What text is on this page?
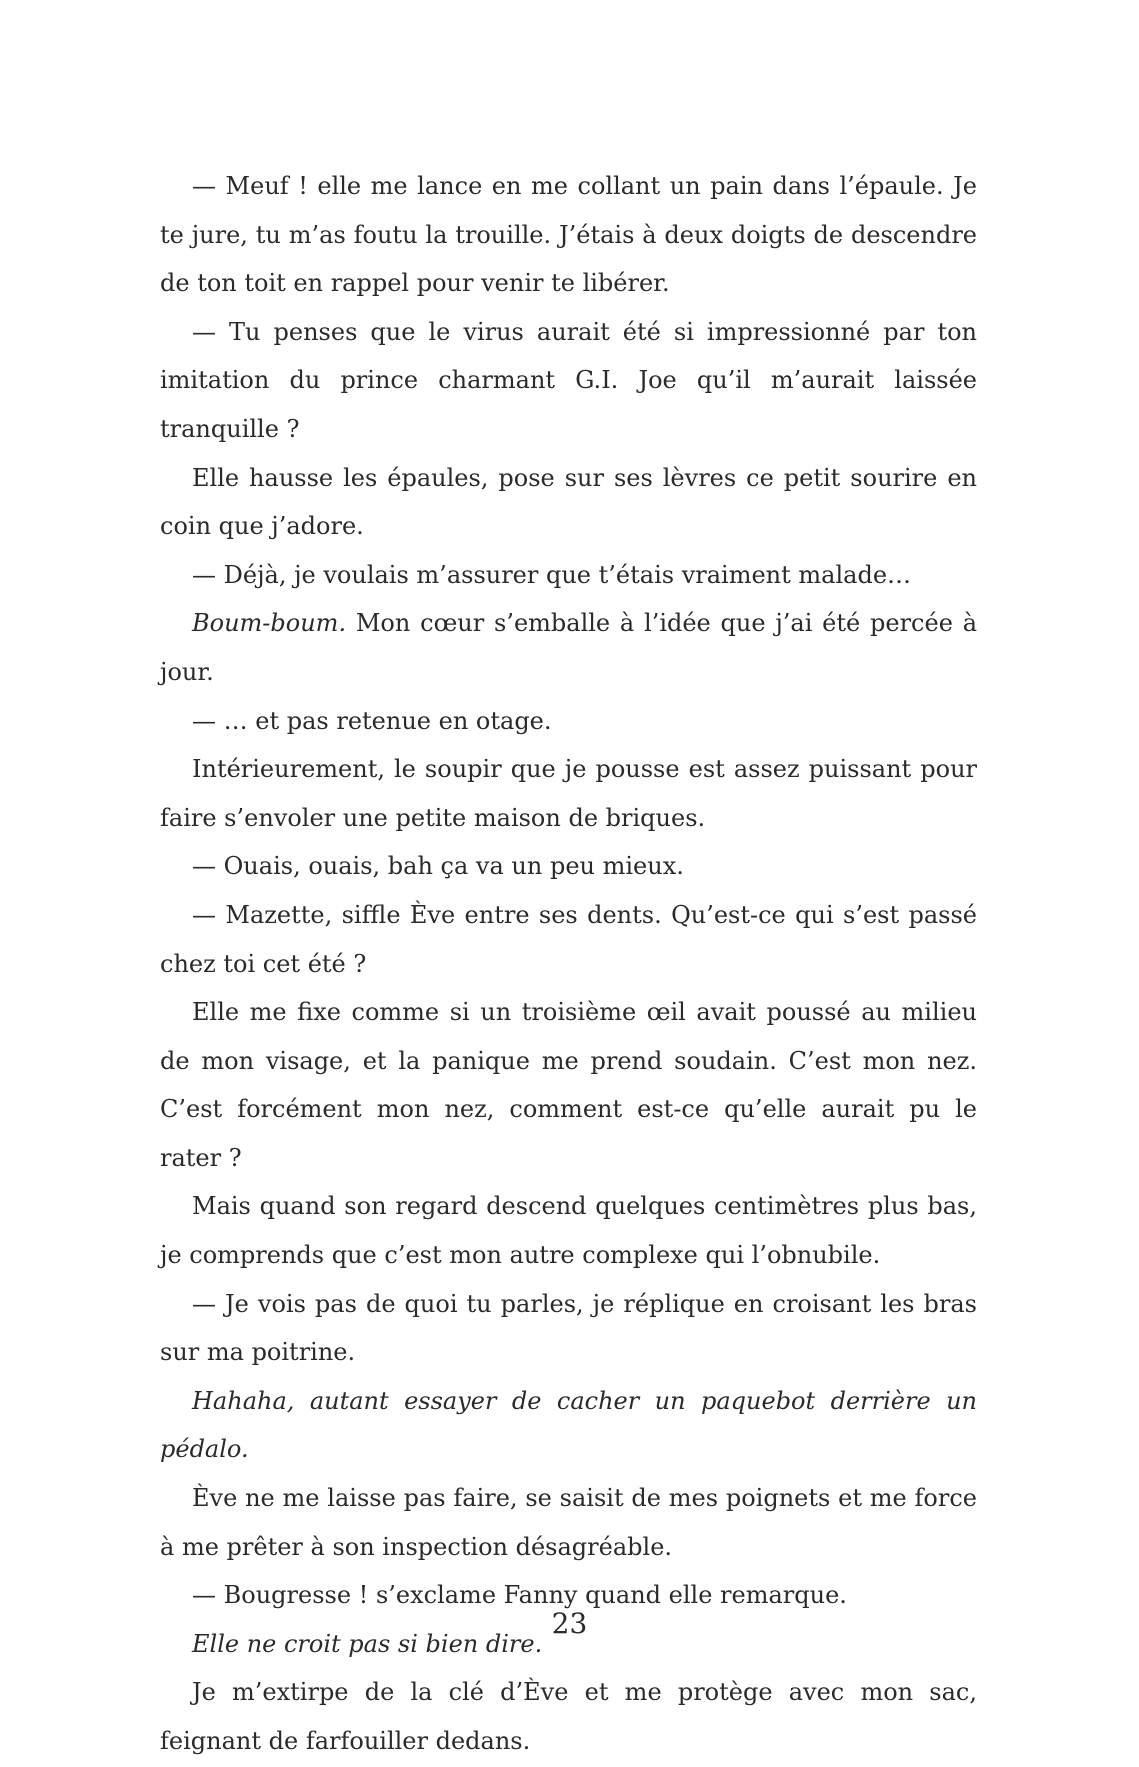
— Meuf ! elle me lance en me collant un pain dans l’épaule. Je te jure, tu m’as foutu la trouille. J’étais à deux doigts de descendre de ton toit en rappel pour venir te libérer.

— Tu penses que le virus aurait été si impressionné par ton imitation du prince charmant G.I. Joe qu’il m’aurait laissée tranquille ?

Elle hausse les épaules, pose sur ses lèvres ce petit sourire en coin que j’adore.

— Déjà, je voulais m’assurer que t’étais vraiment malade…

Boum-boum. Mon cœur s’emballe à l’idée que j’ai été percée à jour.

— … et pas retenue en otage.

Intérieurement, le soupir que je pousse est assez puissant pour faire s’envoler une petite maison de briques.

— Ouais, ouais, bah ça va un peu mieux.

— Mazette, siffle Ève entre ses dents. Qu’est-ce qui s’est passé chez toi cet été ?

Elle me fixe comme si un troisième œil avait poussé au milieu de mon visage, et la panique me prend soudain. C’est mon nez. C’est forcément mon nez, comment est-ce qu’elle aurait pu le rater ?

Mais quand son regard descend quelques centimètres plus bas, je comprends que c’est mon autre complexe qui l’obnubile.

— Je vois pas de quoi tu parles, je réplique en croisant les bras sur ma poitrine.

Hahaha, autant essayer de cacher un paquebot derrière un pédalo.

Ève ne me laisse pas faire, se saisit de mes poignets et me force à me prêter à son inspection désagréable.

— Bougresse ! s’exclame Fanny quand elle remarque.

Elle ne croit pas si bien dire.

Je m’extirpe de la clé d’Ève et me protège avec mon sac, feignant de farfouiller dedans.

23
